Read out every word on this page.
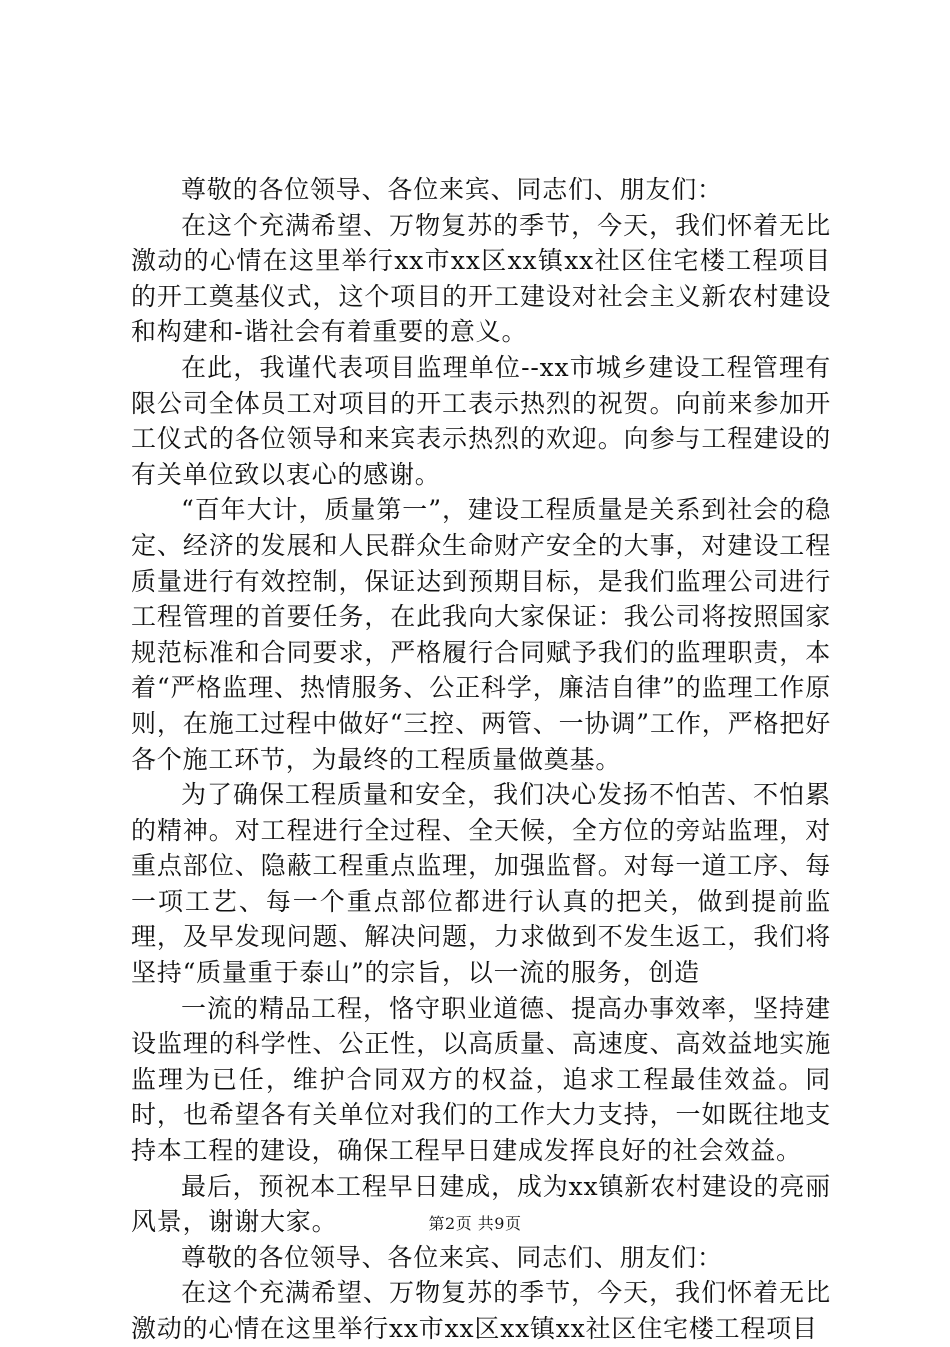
尊敬的各位领导、各位来宾、同志们、朋友们：

在这个充满希望、万物复苏的季节，今天，我们怀着无比激动的心情在这里举行xx市xx区xx镇xx社区住宅楼工程项目的开工奠基仪式，这个项目的开工建设对社会主义新农村建设和构建和-谐社会有着重要的意义。

在此，我谨代表项目监理单位--xx市城乡建设工程管理有限公司全体员工对项目的开工表示热烈的祝贺。向前来参加开工仪式的各位领导和来宾表示热烈的欢迎。向参与工程建设的有关单位致以衷心的感谢。

“百年大计，质量第一”，建设工程质量是关系到社会的稳定、经济的发展和人民群众生命财产安全的大事，对建设工程质量进行有效控制，保证达到预期目标，是我们监理公司进行工程管理的首要任务，在此我向大家保证：我公司将按照国家规范标准和合同要求，严格履行合同赋予我们的监理职责，本着“严格监理、热情服务、公正科学，廉洁自律”的监理工作原则，在施工过程中做好“三控、两管、一协调”工作，严格把好各个施工环节，为最终的工程质量做奠基。

为了确保工程质量和安全，我们决心发扬不怕苦、不怕累的精神。对工程进行全过程、全天候，全方位的旁站监理，对重点部位、隐蔽工程重点监理，加强监督。对每一道工序、每一项工艺、每一个重点部位都进行认真的把关，做到提前监理，及早发现问题、解决问题，力求做到不发生返工，我们将坚持“质量重于泰山”的宗旨，以一流的服务，创造

一流的精品工程，恪守职业道德、提高办事效率，坚持建设监理的科学性、公正性，以高质量、高速度、高效益地实施监理为已任，维护合同双方的权益，追求工程最佳效益。同时，也希望各有关单位对我们的工作大力支持，一如既往地支持本工程的建设，确保工程早日建成发挥良好的社会效益。

最后，预祝本工程早日建成，成为xx镇新农村建设的亮丽风景，谢谢大家。

尊敬的各位领导、各位来宾、同志们、朋友们：

在这个充满希望、万物复苏的季节，今天，我们怀着无比激动的心情在这里举行xx市xx区xx镇xx社区住宅楼工程项目

第2页 共9页
